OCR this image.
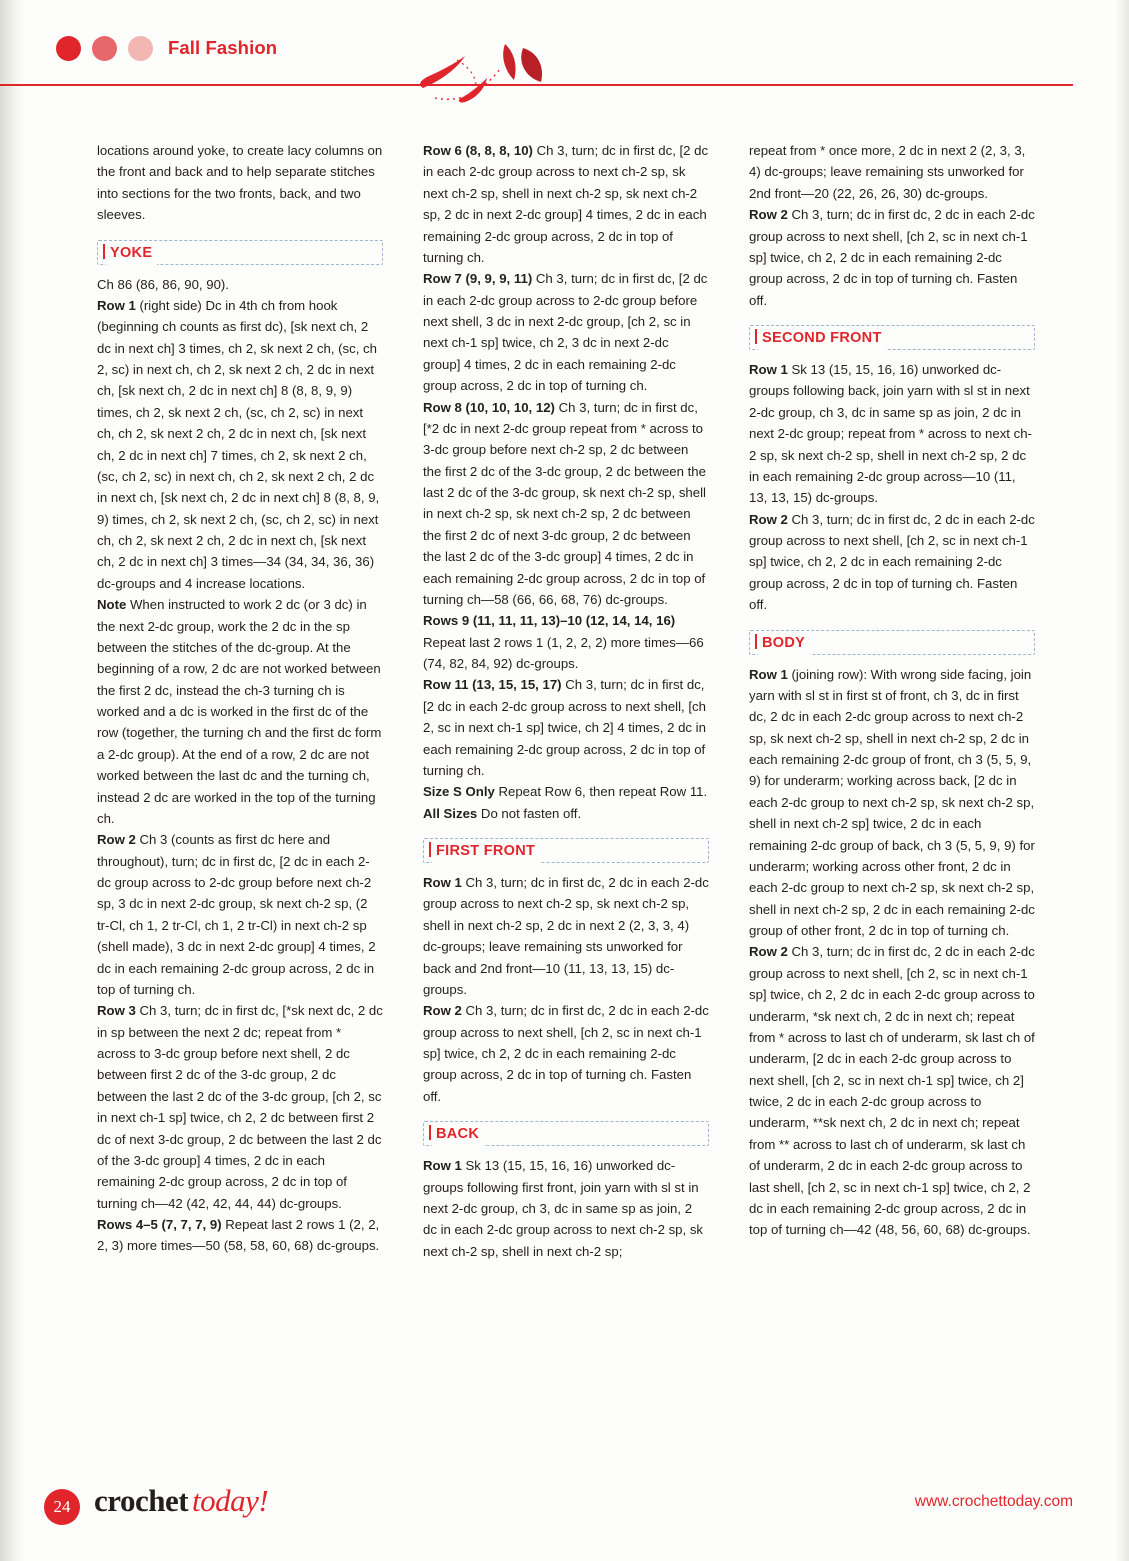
Fall Fashion

locations around yoke, to create lacy columns on the front and back and to help separate stitches into sections for the two fronts, back, and two sleeves.

YOKE

Ch 86 (86, 86, 90, 90).

Row 1 (right side) Dc in 4th ch from hook (beginning ch counts as first dc), [sk next ch, 2 dc in next ch] 3 times, ch 2, sk next 2 ch, (sc, ch 2, sc) in next ch, ch 2, sk next 2 ch, 2 dc in next ch, [sk next ch, 2 dc in next ch] 8 (8, 8, 9, 9) times, ch 2, sk next 2 ch, (sc, ch 2, sc) in next ch, ch 2, sk next 2 ch, 2 dc in next ch, [sk next ch, 2 dc in next ch] 7 times, ch 2, sk next 2 ch, (sc, ch 2, sc) in next ch, ch 2, sk next 2 ch, 2 dc in next ch, [sk next ch, 2 dc in next ch] 8 (8, 8, 9, 9) times, ch 2, sk next 2 ch, (sc, ch 2, sc) in next ch, ch 2, sk next 2 ch, 2 dc in next ch, [sk next ch, 2 dc in next ch] 3 times—34 (34, 34, 36, 36) dc-groups and 4 increase locations.

Note When instructed to work 2 dc (or 3 dc) in the next 2-dc group, work the 2 dc in the sp between the stitches of the dc-group. At the beginning of a row, 2 dc are not worked between the first 2 dc, instead the ch-3 turning ch is worked and a dc is worked in the first dc of the row (together, the turning ch and the first dc form a 2-dc group). At the end of a row, 2 dc are not worked between the last dc and the turning ch, instead 2 dc are worked in the top of the turning ch.

Row 2 Ch 3 (counts as first dc here and throughout), turn; dc in first dc, [2 dc in each 2-dc group across to 2-dc group before next ch-2 sp, 3 dc in next 2-dc group, sk next ch-2 sp, (2 tr-Cl, ch 1, 2 tr-Cl, ch 1, 2 tr-Cl) in next ch-2 sp (shell made), 3 dc in next 2-dc group] 4 times, 2 dc in each remaining 2-dc group across, 2 dc in top of turning ch.

Row 3 Ch 3, turn; dc in first dc, [*sk next dc, 2 dc in sp between the next 2 dc; repeat from * across to 3-dc group before next shell, 2 dc between first 2 dc of the 3-dc group, 2 dc between the last 2 dc of the 3-dc group, [ch 2, sc in next ch-1 sp] twice, ch 2, 2 dc between first 2 dc of next 3-dc group, 2 dc between the last 2 dc of the 3-dc group] 4 times, 2 dc in each remaining 2-dc group across, 2 dc in top of turning ch—42 (42, 42, 44, 44) dc-groups.

Rows 4–5 (7, 7, 7, 9) Repeat last 2 rows 1 (2, 2, 2, 3) more times—50 (58, 58, 60, 68) dc-groups.

Row 6 (8, 8, 8, 10) Ch 3, turn; dc in first dc, [2 dc in each 2-dc group across to next ch-2 sp, sk next ch-2 sp, shell in next ch-2 sp, sk next ch-2 sp, 2 dc in next 2-dc group] 4 times, 2 dc in each remaining 2-dc group across, 2 dc in top of turning ch.

Row 7 (9, 9, 9, 11) Ch 3, turn; dc in first dc, [2 dc in each 2-dc group across to 2-dc group before next shell, 3 dc in next 2-dc group, [ch 2, sc in next ch-1 sp] twice, ch 2, 3 dc in next 2-dc group] 4 times, 2 dc in each remaining 2-dc group across, 2 dc in top of turning ch.

Row 8 (10, 10, 10, 12) Ch 3, turn; dc in first dc, [*2 dc in next 2-dc group repeat from * across to 3-dc group before next ch-2 sp, 2 dc between the first 2 dc of the 3-dc group, 2 dc between the last 2 dc of the 3-dc group, sk next ch-2 sp, shell in next ch-2 sp, sk next ch-2 sp, 2 dc between the first 2 dc of next 3-dc group, 2 dc between the last 2 dc of the 3-dc group] 4 times, 2 dc in each remaining 2-dc group across, 2 dc in top of turning ch—58 (66, 66, 68, 76) dc-groups.

Rows 9 (11, 11, 11, 13)–10 (12, 14, 14, 16) Repeat last 2 rows 1 (1, 2, 2, 2) more times—66 (74, 82, 84, 92) dc-groups.

Row 11 (13, 15, 15, 17) Ch 3, turn; dc in first dc, [2 dc in each 2-dc group across to next shell, [ch 2, sc in next ch-1 sp] twice, ch 2] 4 times, 2 dc in each remaining 2-dc group across, 2 dc in top of turning ch.

Size S Only Repeat Row 6, then repeat Row 11.

All Sizes Do not fasten off.

FIRST FRONT

Row 1 Ch 3, turn; dc in first dc, 2 dc in each 2-dc group across to next ch-2 sp, sk next ch-2 sp, shell in next ch-2 sp, 2 dc in next 2 (2, 3, 3, 4) dc-groups; leave remaining sts unworked for back and 2nd front—10 (11, 13, 13, 15) dc-groups.

Row 2 Ch 3, turn; dc in first dc, 2 dc in each 2-dc group across to next shell, [ch 2, sc in next ch-1 sp] twice, ch 2, 2 dc in each remaining 2-dc group across, 2 dc in top of turning ch. Fasten off.

BACK

Row 1 Sk 13 (15, 15, 16, 16) unworked dc-groups following first front, join yarn with sl st in next 2-dc group, ch 3, dc in same sp as join, 2 dc in each 2-dc group across to next ch-2 sp, sk next ch-2 sp, shell in next ch-2 sp;

repeat from * once more, 2 dc in next 2 (2, 3, 3, 4) dc-groups; leave remaining sts unworked for 2nd front—20 (22, 26, 26, 30) dc-groups.

Row 2 Ch 3, turn; dc in first dc, 2 dc in each 2-dc group across to next shell, [ch 2, sc in next ch-1 sp] twice, ch 2, 2 dc in each remaining 2-dc group across, 2 dc in top of turning ch. Fasten off.

SECOND FRONT

Row 1 Sk 13 (15, 15, 16, 16) unworked dc-groups following back, join yarn with sl st in next 2-dc group, ch 3, dc in same sp as join, 2 dc in next 2-dc group; repeat from * across to next ch-2 sp, sk next ch-2 sp, shell in next ch-2 sp, 2 dc in each remaining 2-dc group across—10 (11, 13, 13, 15) dc-groups.

Row 2 Ch 3, turn; dc in first dc, 2 dc in each 2-dc group across to next shell, [ch 2, sc in next ch-1 sp] twice, ch 2, 2 dc in each remaining 2-dc group across, 2 dc in top of turning ch. Fasten off.

BODY

Row 1 (joining row): With wrong side facing, join yarn with sl st in first st of front, ch 3, dc in first dc, 2 dc in each 2-dc group across to next ch-2 sp, sk next ch-2 sp, shell in next ch-2 sp, 2 dc in each remaining 2-dc group of front, ch 3 (5, 5, 9, 9) for underarm; working across back, [2 dc in each 2-dc group to next ch-2 sp, sk next ch-2 sp, shell in next ch-2 sp] twice, 2 dc in each remaining 2-dc group of back, ch 3 (5, 5, 9, 9) for underarm; working across other front, 2 dc in each 2-dc group to next ch-2 sp, sk next ch-2 sp, shell in next ch-2 sp, 2 dc in each remaining 2-dc group of other front, 2 dc in top of turning ch.

Row 2 Ch 3, turn; dc in first dc, 2 dc in each 2-dc group across to next shell, [ch 2, sc in next ch-1 sp] twice, ch 2, 2 dc in each 2-dc group across to underarm, *sk next ch, 2 dc in next ch; repeat from * across to last ch of underarm, sk last ch of underarm, [2 dc in each 2-dc group across to next shell, [ch 2, sc in next ch-1 sp] twice, ch 2] twice, 2 dc in each 2-dc group across to underarm, **sk next ch, 2 dc in next ch; repeat from ** across to last ch of underarm, sk last ch of underarm, 2 dc in each 2-dc group across to last shell, [ch 2, sc in next ch-1 sp] twice, ch 2, 2 dc in each remaining 2-dc group across, 2 dc in top of turning ch—42 (48, 56, 60, 68) dc-groups.

24 crochet today!	www.crochettoday.com
